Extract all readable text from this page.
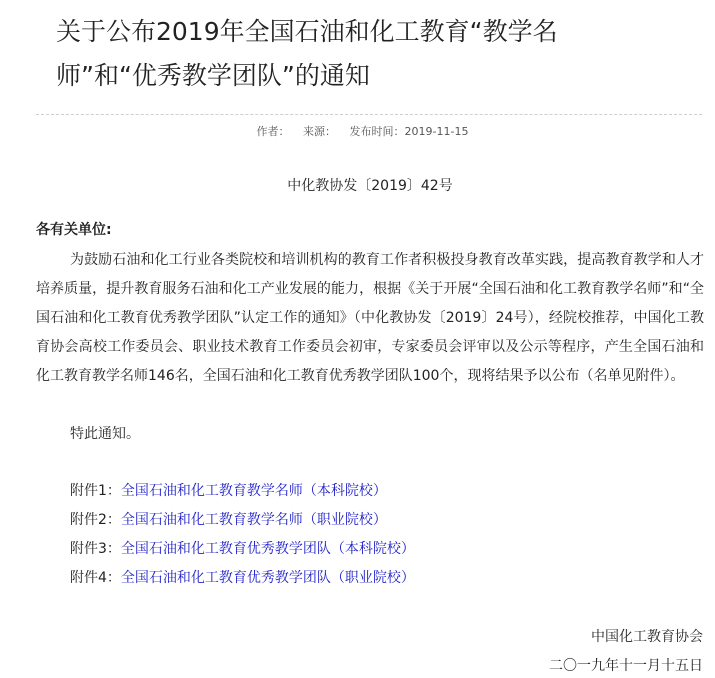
关于公布2019年全国石油和化工教育“教学名师”和“优秀教学团队”的通知
作者： 来源： 发布时间：2019-11-15
中化教协发〔2019〕42号
各有关单位:

为鼓励石油和化工行业各类院校和培训机构的教育工作者积极投身教育改革实践，提高教育教学和人才培养质量，提升教育服务石油和化工产业发展的能力，根据《关于开展“全国石油和化工教育教学名师”和“全国石油和化工教育优秀教学团队”认定工作的通知》（中化教协发〔2019〕24号），经院校推荐，中国化工教育协会高校工作委员会、职业技术教育工作委员会初审，专家委员会评审以及公示等程序，产生全国石油和化工教育教学名师146名，全国石油和化工教育优秀教学团队100个，现将结果予以公布（名单见附件）。

特此通知。
附件1：全国石油和化工教育教学名师（本科院校）
附件2：全国石油和化工教育教学名师（职业院校）
附件3：全国石油和化工教育优秀教学团队（本科院校）
附件4：全国石油和化工教育优秀教学团队（职业院校）
中国化工教育协会
二〇一九年十一月十五日
